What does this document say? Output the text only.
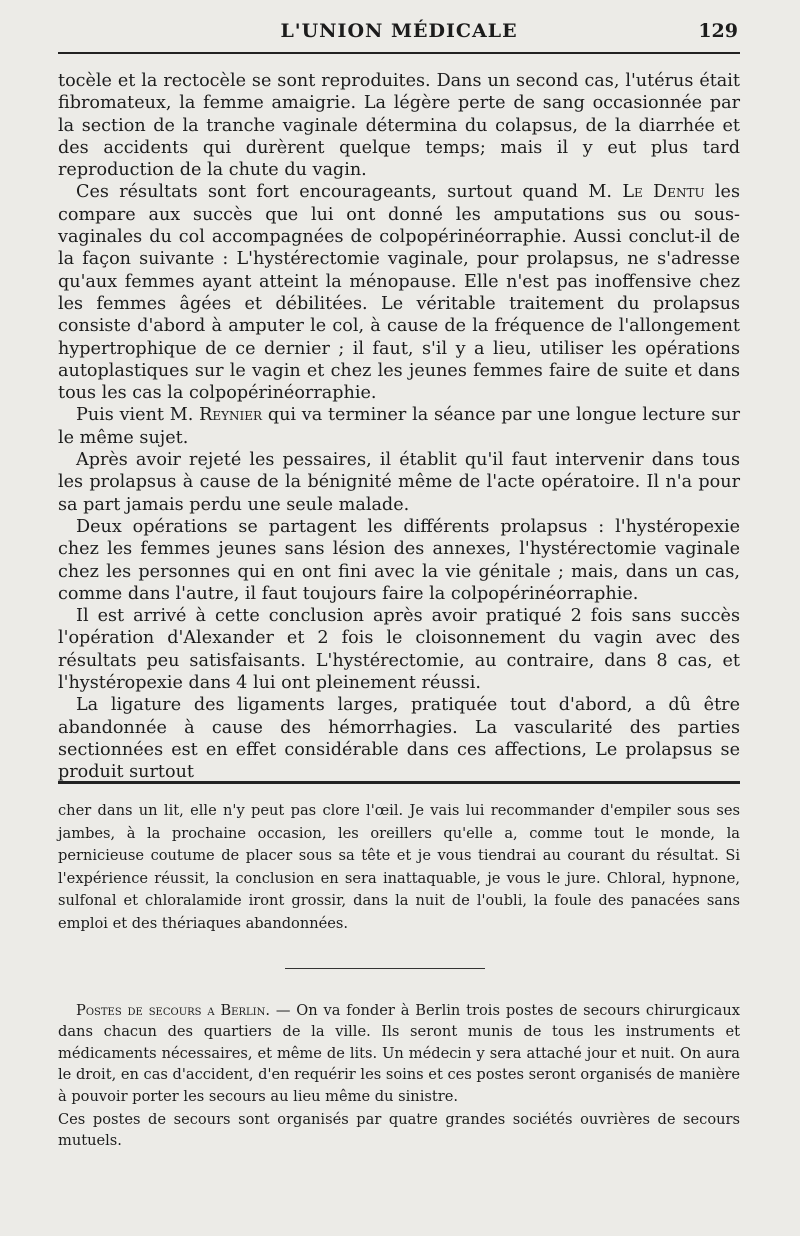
L'UNION MÉDICALE	129

tocèle et la rectocèle se sont reproduites. Dans un second cas, l'utérus était fibromateux, la femme amaigrie. La légère perte de sang occasionnée par la section de la tranche vaginale détermina du colapsus, de la diarrhée et des accidents qui durèrent quelque temps; mais il y eut plus tard reproduction de la chute du vagin.

Ces résultats sont fort encourageants, surtout quand M. Le Dentu les compare aux succès que lui ont donné les amputations sus ou sous-vaginales du col accompagnées de colpopérinéorraphie. Aussi conclut-il de la façon suivante : L'hystérectomie vaginale, pour prolapsus, ne s'adresse qu'aux femmes ayant atteint la ménopause. Elle n'est pas inoffensive chez les femmes âgées et débilitées. Le véritable traitement du prolapsus consiste d'abord à amputer le col, à cause de la fréquence de l'allongement hypertrophique de ce dernier ; il faut, s'il y a lieu, utiliser les opérations autoplastiques sur le vagin et chez les jeunes femmes faire de suite et dans tous les cas la colpopérinéorraphie.

Puis vient M. Reynier qui va terminer la séance par une longue lecture sur le même sujet.

Après avoir rejeté les pessaires, il établit qu'il faut intervenir dans tous les prolapsus à cause de la bénignité même de l'acte opératoire. Il n'a pour sa part jamais perdu une seule malade.

Deux opérations se partagent les différents prolapsus : l'hystéropexie chez les femmes jeunes sans lésion des annexes, l'hystérectomie vaginale chez les personnes qui en ont fini avec la vie génitale ; mais, dans un cas, comme dans l'autre, il faut toujours faire la colpopérinéorraphie.

Il est arrivé à cette conclusion après avoir pratiqué 2 fois sans succès l'opération d'Alexander et 2 fois le cloisonnement du vagin avec des résultats peu satisfaisants. L'hystérectomie, au contraire, dans 8 cas, et l'hystéropexie dans 4 lui ont pleinement réussi.

La ligature des ligaments larges, pratiquée tout d'abord, a dû être abandonnée à cause des hémorrhagies. La vascularité des parties sectionnées est en effet considérable dans ces affections, Le prolapsus se produit surtout

cher dans un lit, elle n'y peut pas clore l'œil. Je vais lui recommander d'empiler sous ses jambes, à la prochaine occasion, les oreillers qu'elle a, comme tout le monde, la pernicieuse coutume de placer sous sa tête et je vous tiendrai au courant du résultat. Si l'expérience réussit, la conclusion en sera inattaquable, je vous le jure. Chloral, hypnone, sulfonal et chloralamide iront grossir, dans la nuit de l'oubli, la foule des panacées sans emploi et des thériaques abandonnées.

Postes de secours a Berlin. — On va fonder à Berlin trois postes de secours chirurgicaux dans chacun des quartiers de la ville. Ils seront munis de tous les instruments et médicaments nécessaires, et même de lits. Un médecin y sera attaché jour et nuit. On aura le droit, en cas d'accident, d'en requérir les soins et ces postes seront organisés de manière à pouvoir porter les secours au lieu même du sinistre.

Ces postes de secours sont organisés par quatre grandes sociétés ouvrières de secours mutuels.
